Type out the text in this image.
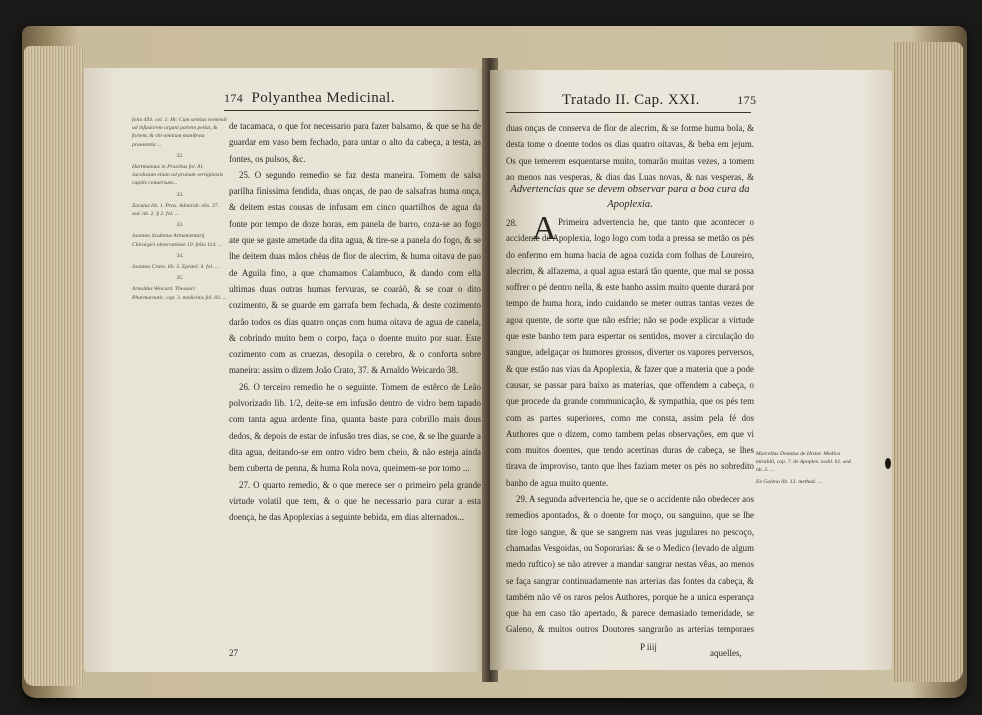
174 Polyanthea Medicinal.
folio 493. col. 1. Ht: Cum sentias vomendi ad infusiorem organi partem pellat, & fortem, & vbi omnium manifesta praesentia ...
32.
Hartmannus in Praxibus fol. 81. Jacobsium etiam ad prunum vertiginosis capitis conuersum...
33.
Zacutus lib. 1. Prax. Admirab. obs. 37. sed. nb. 2. § 2. fol. ...
33.
Joannes Scultetus Armamentarij Chirurgici observatione 19. folio 114. ...
34.
Joannes Crato. lib. 3. Epistol. 4. fol. ...
35.
Arnoldus Weicard. Thesauri Pharmaceutic. cap. 3. medicinis fol. 83. ...

de tacamaca, o que for necessario para fazer balsamo, & que se ha de guardar em vaso bem fechado, para untar o alto da cabeça, a testa, as fontes, os pulsos, &c.

25. O segundo remedio se faz desta maneira. Tomem de salsa parilha finissima fendida, duas onças, de pao de salsafras huma onça, & deitem estas cousas de infusam em cinco quartilhos de agua da fonte por tempo de doze horas, em panela de barro, coza-se ao fogo ate que se gaste ametade da dita agua, & tire-se a panela do fogo, & se lhe deitem duas mãos chèas de flor de alecrim, & huma oitava de pao de Aguila fino, a que chamamos Calambuco, & dando com ella ultimas duas outras humas fervuras, se coaràõ, & se coar o dito cozimento, & se guarde em garrafa bem fechada, & deste cozimento darão todos os dias quatro onças com huma oitava de agua de canela, & cobrindo muito bem o corpo, faça o doente muito por suar. Este cozimento com as cruezas, desopila o cerebro, & o conforta sobre maneira: assim o dizem João Crato, 37. & Arnaldo Weicardo 38.

26. O terceiro remedio he o seguinte. Tomem de estêrco de Leão polvorizado lib. 1/2, deite-se em infusão dentro de vidro bem tapado com tanta agua ardente fina, quanta baste para cobrillo mais dous dedos, & depois de estar de infusão tres dias, se coe, & se lhe guarde a dita agua, deitando-se em ontro vidro bem cheio, & não esteja ainda bem cuberta de penna, & huma Rola nova, queimem-se por tomo ...

27. O quarto remedio, & o que merece ser o primeiro pela grande virtude volatil que tem, & o que he necessario para curar a esta doença, he das Apoplexias a seguinte bebida, em dias alternados...

27
Tratado II. Cap. XXI.	175
duas onças de conserva de flor de alecrim, & se forme huma bola, & desta tome o doente todos os dias quatro oitavas, & beba em jejum. Os que temerem esquentarse muito, tomarão muitas vezes, a tomem ao menos nas vesperas, & dias das Luas novas, & nas vesperas, &
Advertencias que se devem observar para a boa cura da Apoplexia.
28. A Primeira advertencia he, que tanto que acontecer o accidente de Apoplexia, logo logo com toda a pressa se metão os pès do enfermo em huma bacia de agoa cozida com folhas de Loureiro, alecrim, & alfazema, a qual agua estará tão quente, que mal se possa soffrer o pé dentro nella, & este banho assim muito quente durará por tempo de huma hora, indo cuidando se meter outras tantas vezes de agoa quente, de sorte que não esfrie; não se pode explicar a virtude que este banho tem para espertar os sentidos, mover a circulação do sangue, adelgaçar os humores grossos, diverter os vapores perversos, & que estão nas vias da Apoplexia, & fazer que a materia que a pode causar, se passar para baixo as materias, que offendem a cabeça, o que procede da grande communicação, & sympathia, que os pés tem com as partes superiores, como me consta, assim pela fé dos Authores que o dizem, como tambem pelas observações, em que vi com muitos doentes, que tendo acertinas duras de cabeça, se lhes tirava de improviso, tanto que lhes faziam meter os pès no sobredito banho de agua muito quente.

29. A segunda advertencia he, que se o accidente não obedecer aos remedios apontados, & o doente for moço, ou sanguino, que se lhe tire logo sangue, & que se sangrem nas veas jugulares no pescoço, chamadas Vesgoidas, ou Soporarias: & se o Medico (levado de algum medo ruftico) se não atrever a mandar sangrar nestas vêas, ao menos se faça sangrar continuadamente nas arterias das fontes da cabeça, & também não vê os raros pelos Authores, porque he a unica esperança que ha em caso tão apertado, & parece demasiado temeridade, se Galeno, & muitos outros Doutores sangrarão as arterias temporaes

P iiij
aquelles,
Marcellus Donatus de Histor. Medica mirabili, cap. 7. de Apoplex. tosbl. 61. sed. nb. 2. ...
Ex Galeno lib. 13. method. ...
